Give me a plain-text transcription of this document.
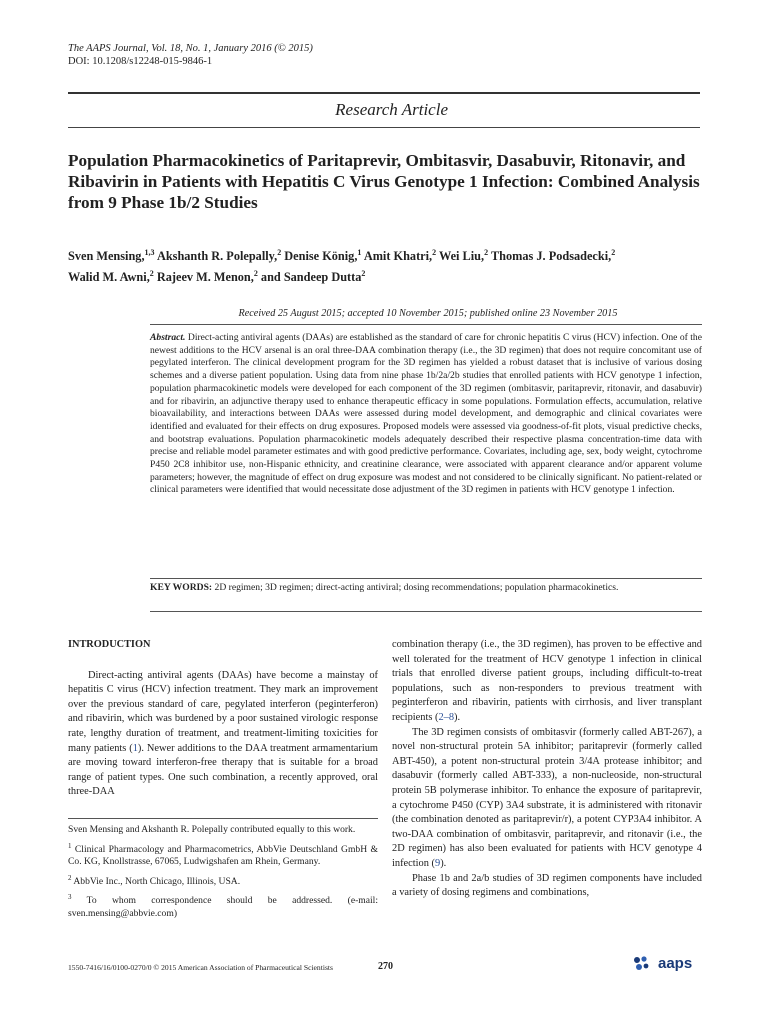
The AAPS Journal, Vol. 18, No. 1, January 2016 (© 2015)
DOI: 10.1208/s12248-015-9846-1
Research Article
Population Pharmacokinetics of Paritaprevir, Ombitasvir, Dasabuvir, Ritonavir, and Ribavirin in Patients with Hepatitis C Virus Genotype 1 Infection: Combined Analysis from 9 Phase 1b/2 Studies
Sven Mensing,$^{1,3}$ Akshanth R. Polepally,$^2$ Denise König,$^1$ Amit Khatri,$^2$ Wei Liu,$^2$ Thomas J. Podsadecki,$^2$
Walid M. Awni,$^2$ Rajeev M. Menon,$^2$ and Sandeep Dutta$^2$
Received 25 August 2015; accepted 10 November 2015; published online 23 November 2015
Abstract. Direct-acting antiviral agents (DAAs) are established as the standard of care for chronic hepatitis C virus (HCV) infection. One of the newest additions to the HCV arsenal is an oral three-DAA combination therapy (i.e., the 3D regimen) that does not require concomitant use of pegylated interferon. The clinical development program for the 3D regimen has yielded a robust dataset that is inclusive of various dosing schemes and a diverse patient population. Using data from nine phase 1b/2a/2b studies that enrolled patients with HCV genotype 1 infection, population pharmacokinetic models were developed for each component of the 3D regimen (ombitasvir, paritaprevir, ritonavir, and dasabuvir) and for ribavirin, an adjunctive therapy used to enhance therapeutic efficacy in some populations. Formulation effects, accumulation, relative bioavailability, and interactions between DAAs were assessed during model development, and demographic and clinical covariates were identified and evaluated for their effects on drug exposures. Proposed models were assessed via goodness-of-fit plots, visual predictive checks, and bootstrap evaluations. Population pharmacokinetic models adequately described their respective plasma concentration-time data with precise and reliable model parameter estimates and with good predictive performance. Covariates, including age, sex, body weight, cytochrome P450 2C8 inhibitor use, non-Hispanic ethnicity, and creatinine clearance, were associated with apparent clearance and/or apparent volume parameters; however, the magnitude of effect on drug exposure was modest and not considered to be clinically significant. No patient-related or clinical parameters were identified that would necessitate dose adjustment of the 3D regimen in patients with HCV genotype 1 infection.
KEY WORDS: 2D regimen; 3D regimen; direct-acting antiviral; dosing recommendations; population pharmacokinetics.
INTRODUCTION

Direct-acting antiviral agents (DAAs) have become a mainstay of hepatitis C virus (HCV) infection treatment. They mark an improvement over the previous standard of care, pegylated interferon (peginterferon) and ribavirin, which was burdened by a poor sustained virologic response rate, lengthy duration of treatment, and treatment-limiting toxicities for many patients (1). Newer additions to the DAA treatment armamentarium are moving toward interferon-free therapy that is suitable for a broad range of patient types. One such combination, a recently approved, oral three-DAA

Sven Mensing and Akshanth R. Polepally contributed equally to this work.

$^1$ Clinical Pharmacology and Pharmacometrics, AbbVie Deutschland GmbH & Co. KG, Knollstrasse, 67065, Ludwigshafen am Rhein, Germany.

$^2$ AbbVie Inc., North Chicago, Illinois, USA.

$^3$ To whom correspondence should be addressed. (e-mail: sven.mensing@abbvie.com)

combination therapy (i.e., the 3D regimen), has proven to be effective and well tolerated for the treatment of HCV genotype 1 infection in clinical trials that enrolled diverse patient groups, including difficult-to-treat populations, such as non-responders to previous treatment with peginterferon and ribavirin, patients with cirrhosis, and liver transplant recipients (2–8).

The 3D regimen consists of ombitasvir (formerly called ABT-267), a novel non-structural protein 5A inhibitor; paritaprevir (formerly called ABT-450), a potent non-structural protein 3/4A protease inhibitor; and dasabuvir (formerly called ABT-333), a non-nucleoside, non-structural protein 5B polymerase inhibitor. To enhance the exposure of paritaprevir, a cytochrome P450 (CYP) 3A4 substrate, it is administered with ritonavir (the combination denoted as paritaprevir/r), a potent CYP3A4 inhibitor. A two-DAA combination of ombitasvir, paritaprevir, and ritonavir (i.e., the 2D regimen) has also been evaluated for patients with HCV genotype 4 infection (9).

Phase 1b and 2a/b studies of 3D regimen components have included a variety of dosing regimens and combinations,

1550-7416/16/0100-0270/0 © 2015 American Association of Pharmaceutical Scientists	270	aaps
